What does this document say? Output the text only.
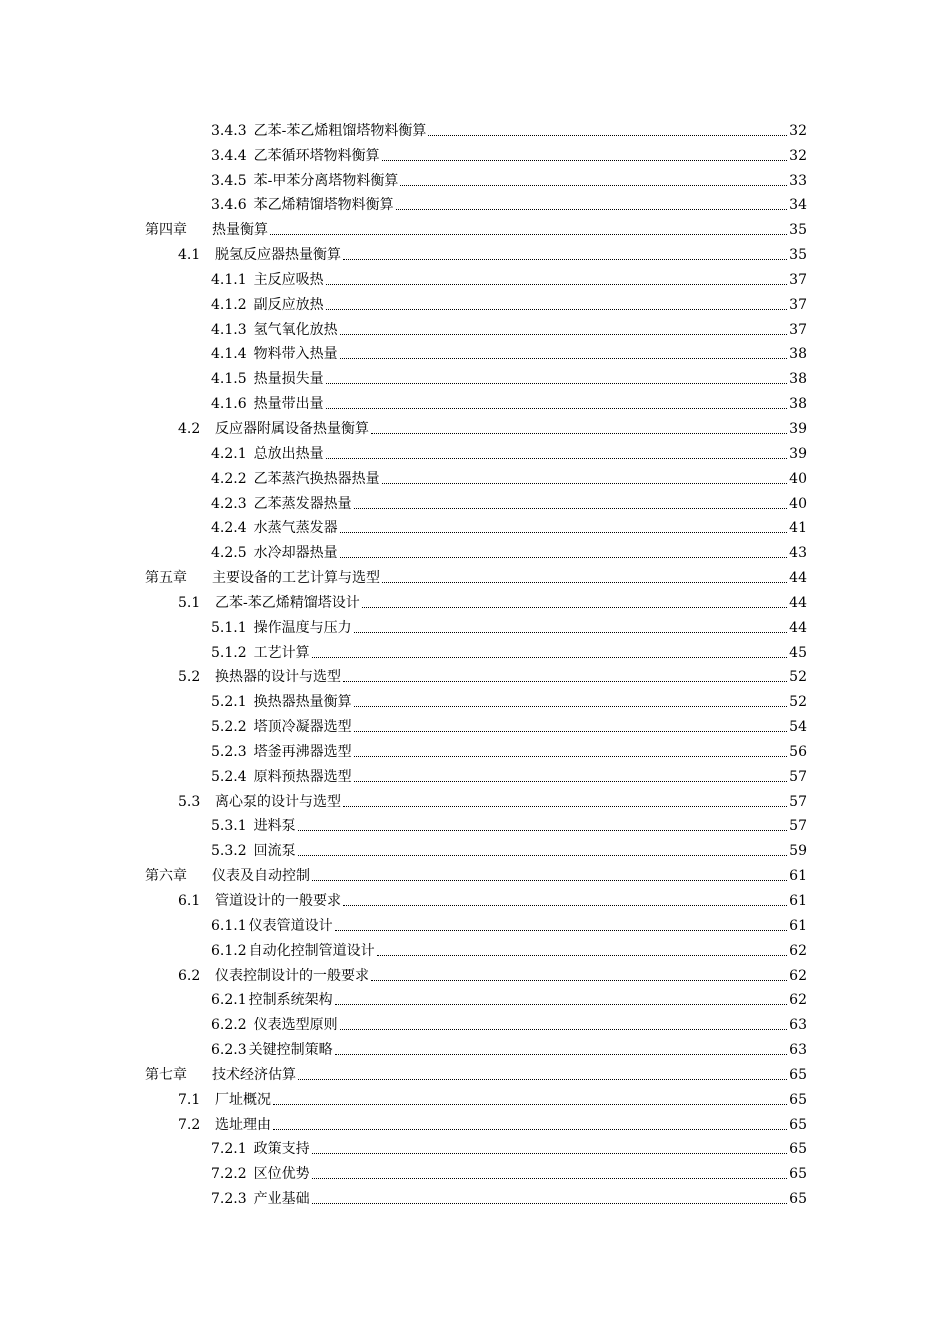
3.4.3 乙苯-苯乙烯粗馏塔物料衡算	32
3.4.4 乙苯循环塔物料衡算	32
3.4.5 苯-甲苯分离塔物料衡算	33
3.4.6 苯乙烯精馏塔物料衡算	34
第四章	热量衡算	35
4.1	脱氢反应器热量衡算	35
4.1.1 主反应吸热	37
4.1.2 副反应放热	37
4.1.3 氢气氧化放热	37
4.1.4 物料带入热量	38
4.1.5 热量损失量	38
4.1.6 热量带出量	38
4.2	反应器附属设备热量衡算	39
4.2.1 总放出热量	39
4.2.2 乙苯蒸汽换热器热量	40
4.2.3 乙苯蒸发器热量	40
4.2.4 水蒸气蒸发器	41
4.2.5 水冷却器热量	43
第五章	主要设备的工艺计算与选型	44
5.1	乙苯-苯乙烯精馏塔设计	44
5.1.1 操作温度与压力	44
5.1.2 工艺计算	45
5.2	换热器的设计与选型	52
5.2.1 换热器热量衡算	52
5.2.2 塔顶冷凝器选型	54
5.2.3 塔釜再沸器选型	56
5.2.4 原料预热器选型	57
5.3	离心泵的设计与选型	57
5.3.1 进料泵	57
5.3.2 回流泵	59
第六章	仪表及自动控制	61
6.1	管道设计的一般要求	61
6.1.1 仪表管道设计	61
6.1.2 自动化控制管道设计	62
6.2	仪表控制设计的一般要求	62
6.2.1 控制系统架构	62
6.2.2 仪表选型原则	63
6.2.3 关键控制策略	63
第七章	技术经济估算	65
7.1	厂址概况	65
7.2	选址理由	65
7.2.1 政策支持	65
7.2.2 区位优势	65
7.2.3 产业基础	65
